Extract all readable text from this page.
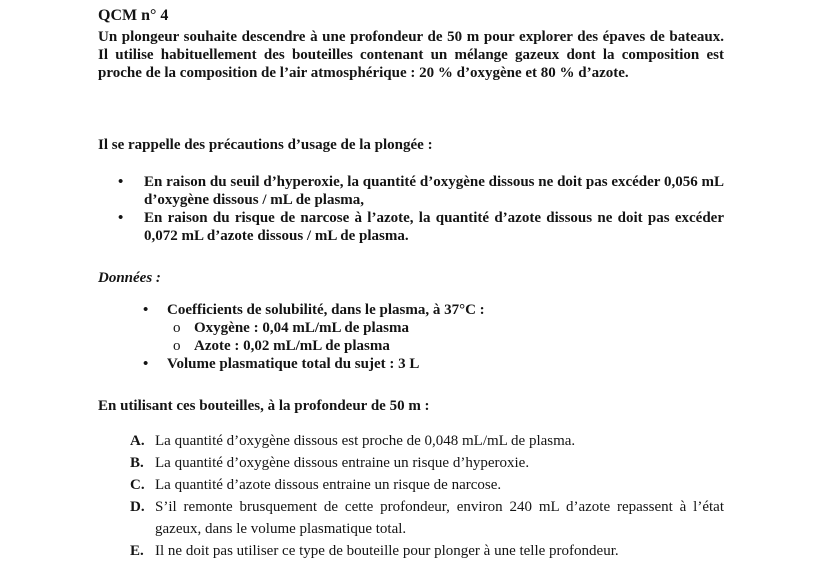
QCM n° 4
Un plongeur souhaite descendre à une profondeur de 50 m pour explorer des épaves de bateaux. Il utilise habituellement des bouteilles contenant un mélange gazeux dont la composition est proche de la composition de l’air atmosphérique : 20 % d’oxygène et 80 % d’azote.
Il se rappelle des précautions d’usage de la plongée :
• En raison du seuil d’hyperoxie, la quantité d’oxygène dissous ne doit pas excéder 0,056 mL d’oxygène dissous / mL de plasma,
• En raison du risque de narcose à l’azote, la quantité d’azote dissous ne doit pas excéder 0,072 mL d’azote dissous / mL de plasma.
Données :
• Coefficients de solubilité, dans le plasma, à 37°C :
o Oxygène : 0,04 mL/mL de plasma
o Azote : 0,02 mL/mL de plasma
• Volume plasmatique total du sujet : 3 L
En utilisant ces bouteilles, à la profondeur de 50 m :
A. La quantité d’oxygène dissous est proche de 0,048 mL/mL de plasma.
B. La quantité d’oxygène dissous entraine un risque d’hyperoxie.
C. La quantité d’azote dissous entraine un risque de narcose.
D. S’il remonte brusquement de cette profondeur, environ 240 mL d’azote repassent à l’état gazeux, dans le volume plasmatique total.
E. Il ne doit pas utiliser ce type de bouteille pour plonger à une telle profondeur.
